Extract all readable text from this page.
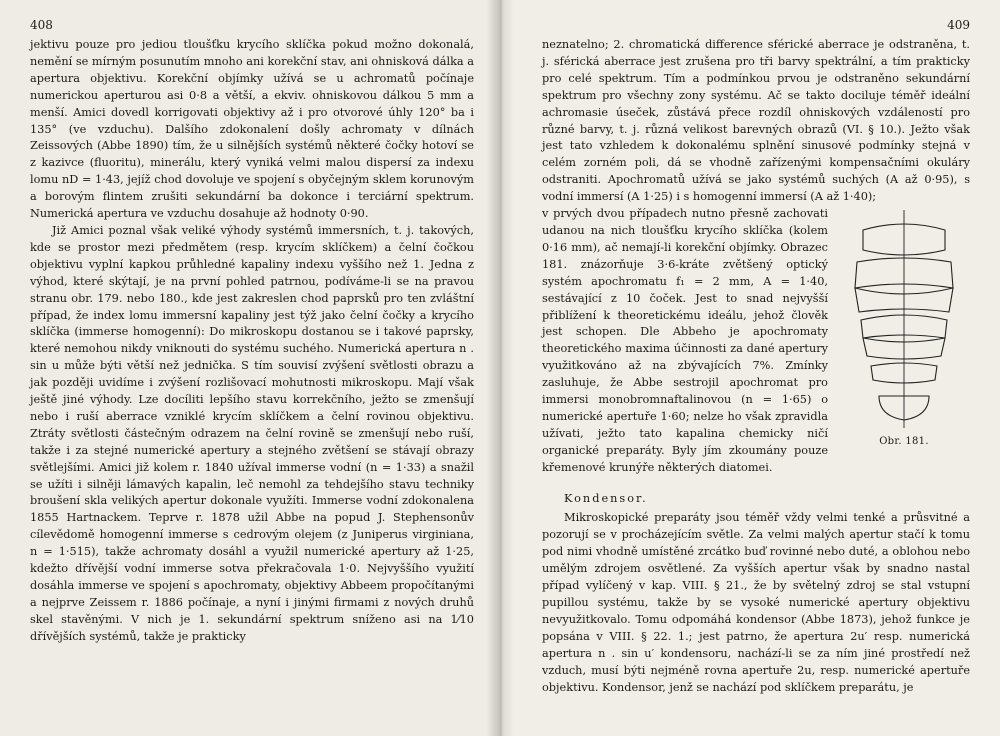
408

jektivu pouze pro jediou tloušťku krycího sklíčka pokud možno dokonalá, nemění se mírným posunutím mnoho ani korekční stav, ani ohnisková dálka a apertura objektivu. Korekční objímky užívá se u achromatů počínaje numerickou aperturou asi 0·8 a větší, a ekviv. ohniskovou dálkou 5 mm a menší. Amici dovedl korrigovati objektivy až i pro otvorové úhly 120° ba i 135° (ve vzduchu). Dalšího zdokonalení došly achromaty v dílnách Zeissových (Abbe 1890) tím, že u silnějších systémů některé čočky hotoví se z kazivce (fluoritu), minerálu, který vyniká velmi malou dispersí za indexu lomu nD = 1·43, jejíž chod dovoluje ve spojení s obyčejným sklem korunovým a borovým flintem zrušiti sekundární ba dokonce i terciární spektrum. Numerická apertura ve vzduchu dosahuje až hodnoty 0·90.

Již Amici poznal však veliké výhody systémů immersních, t. j. takových, kde se prostor mezi předmětem (resp. krycím sklíčkem) a čelní čočkou objektivu vyplní kapkou průhledné kapaliny indexu vyššího než 1. Jedna z výhod, které skýtají, je na první pohled patrnou, podíváme-li se na pravou stranu obr. 179. nebo 180., kde jest zakreslen chod paprsků pro ten zvláštní případ, že index lomu immersní kapaliny jest týž jako čelní čočky a krycího sklíčka (immerse homogenní): Do mikroskopu dostanou se i takové paprsky, které nemohou nikdy vniknouti do systému suchého. Numerická apertura n . sin u může býti větší než jednička. S tím souvisí zvýšení světlosti obrazu a jak později uvidíme i zvýšení rozlišovací mohutnosti mikroskopu. Mají však ještě jiné výhody. Lze docíliti lepšího stavu korrekčního, ježto se zmenšují nebo i ruší aberrace vzniklé krycím sklíčkem a čelní rovinou objektivu. Ztráty světlosti částečným odrazem na čelní rovině se zmenšují nebo ruší, takže i za stejné numerické apertury a stejného zvětšení se stávají obrazy světlejšími. Amici již kolem r. 1840 užíval immerse vodní (n = 1·33) a snažil se užíti i silněji lámavých kapalin, leč nemohl za tehdejšího stavu techniky broušení skla velikých apertur dokonale využíti. Immerse vodní zdokonalena 1855 Hartnackem. Teprve r. 1878 užil Abbe na popud J. Stephensonův cílevědomě homogenní immerse s cedrovým olejem (z Juniperus virginiana, n = 1·515), takže achromaty dosáhl a využil numerické apertury až 1·25, kdežto dřívější vodní immerse sotva překračovala 1·0. Nejvyššího využití dosáhla immerse ve spojení s apochromaty, objektivy Abbeem propočítanými a nejprve Zeissem r. 1886 počínaje, a nyní i jinými firmami z nových druhů skel stavěnými. V nich je 1. sekundární spektrum sníženo asi na 1⁄10 dřívějších systémů, takže je prakticky

409

neznatelno; 2. chromatická difference sférické aberrace je odstraněna, t. j. sférická aberrace jest zrušena pro tři barvy spektrální, a tím prakticky pro celé spektrum. Tím a podmínkou prvou je odstraněno sekundární spektrum pro všechny zony systému. Ač se takto dociluje téměř ideální achromasie úseček, zůstává přece rozdíl ohniskových vzdáleností pro různé barvy, t. j. různá velikost barevných obrazů (VI. § 10.). Ježto však jest tato vzhledem k dokonalému splnění sinusové podmínky stejná v celém zorném poli, dá se vhodně zařízenými kompensačními okuláry odstraniti. Apochromatů užívá se jako systémů suchých (A až 0·95), s vodní immersí (A 1·25) i s homogenní immersí (A až 1·40);

Obr. 181.

v prvých dvou případech nutno přesně zachovati udanou na nich tloušťku krycího sklíčka (kolem 0·16 mm), ač nemají-li korekční objímky. Obrazec 181. znázorňuje 3·6-kráte zvětšený optický systém apochromatu f₁ = 2 mm, A = 1·40, sestávající z 10 čoček. Jest to snad nejvyšší přiblížení k theoretickému ideálu, jehož člověk jest schopen. Dle Abbeho je apochromaty theoretického maxima účinnosti za dané apertury využitkováno až na zbývajících 7%. Zmínky zasluhuje, že Abbe sestrojil apochromat pro immersi monobromnaftalinovou (n = 1·65) o numerické apertuře 1·60; nelze ho však zpravidla užívati, ježto tato kapalina chemicky ničí organické preparáty. Byly jím zkoumány pouze křemenové krunýře některých diatomei.

Kondensor.

Mikroskopické preparáty jsou téměř vždy velmi tenké a průsvitné a pozorují se v procházejícím světle. Za velmi malých apertur stačí k tomu pod nimi vhodně umístěné zrcátko buď rovinné nebo duté, a oblohou nebo umělým zdrojem osvětlené. Za vyšších apertur však by snadno nastal případ vylíčený v kap. VIII. § 21., že by světelný zdroj se stal vstupní pupillou systému, takže by se vysoké numerické apertury objektivu nevyužitkovalo. Tomu odpomáhá kondensor (Abbe 1873), jehož funkce je popsána v VIII. § 22. 1.; jest patrno, že apertura 2u′ resp. numerická apertura n . sin u′ kondensoru, nachází-li se za ním jiné prostředí než vzduch, musí býti nejméně rovna apertuře 2u, resp. numerické apertuře objektivu. Kondensor, jenž se nachází pod sklíčkem preparátu, je
